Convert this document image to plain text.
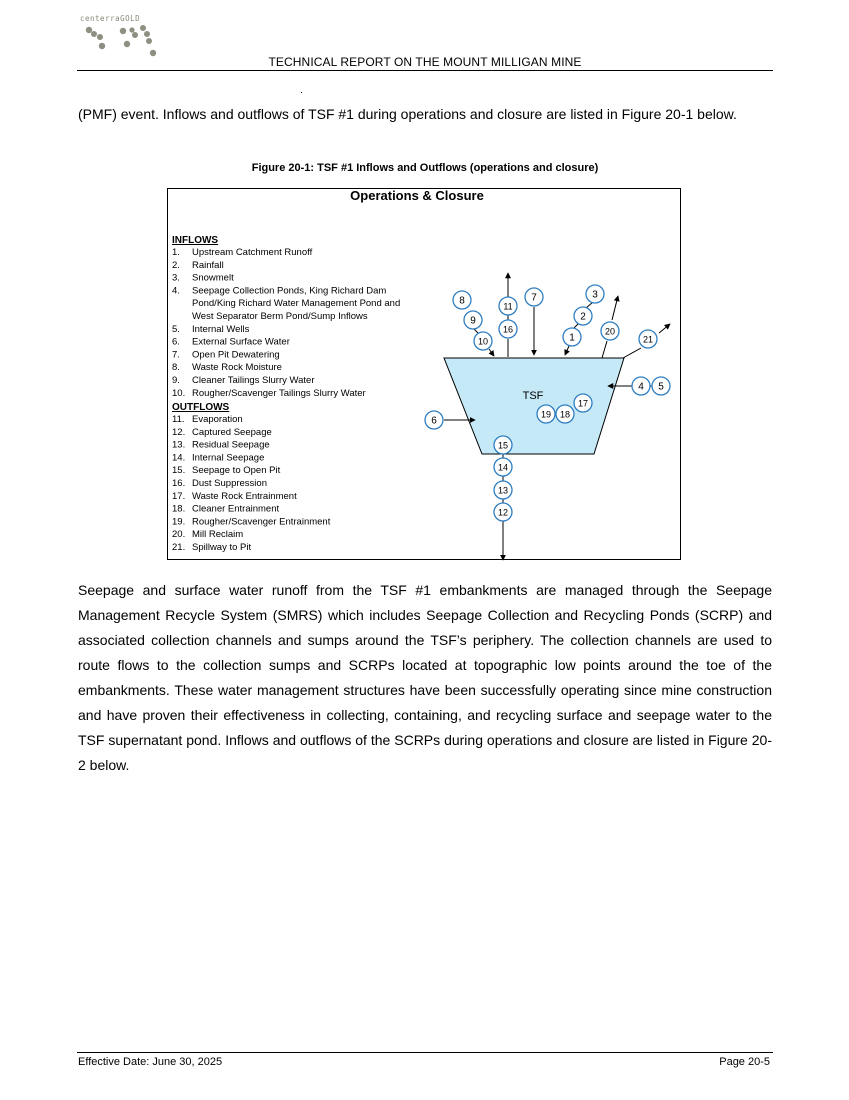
centerraGOLD
TECHNICAL REPORT ON THE MOUNT MILLIGAN MINE

(PMF) event. Inflows and outflows of TSF #1 during operations and closure are listed in Figure 20-1 below.

Figure 20-1: TSF #1 Inflows and Outflows (operations and closure)
Operations & Closure
INFLOWS
1. Upstream Catchment Runoff
2. Rainfall
3. Snowmelt
4. Seepage Collection Ponds, King Richard Dam
Pond/King Richard Water Management Pond and
West Separator Berm Pond/Sump Inflows
5. Internal Wells
6. External Surface Water
7. Open Pit Dewatering
8. Waste Rock Moisture
9. Cleaner Tailings Slurry Water
10. Rougher/Scavenger Tailings Slurry Water
OUTFLOWS
11. Evaporation
12. Captured Seepage
13. Residual Seepage
14. Internal Seepage
15. Seepage to Open Pit
16. Dust Suppression
17. Waste Rock Entrainment
18. Cleaner Entrainment
19. Rougher/Scavenger Entrainment
20. Mill Reclaim
21. Spillway to Pit
TSF
1
2
3
4 5
6
7
8
9
10
11
12
13
14
15
16
17
18
19
20
21

Seepage and surface water runoff from the TSF #1 embankments are managed through the Seepage Management Recycle System (SMRS) which includes Seepage Collection and Recycling Ponds (SCRP) and associated collection channels and sumps around the TSF’s periphery. The collection channels are used to route flows to the collection sumps and SCRPs located at topographic low points around the toe of the embankments. These water management structures have been successfully operating since mine construction and have proven their effectiveness in collecting, containing, and recycling surface and seepage water to the TSF supernatant pond. Inflows and outflows of the SCRPs during operations and closure are listed in Figure 20-2 below.

Effective Date: June 30, 2025	Page 20-5
